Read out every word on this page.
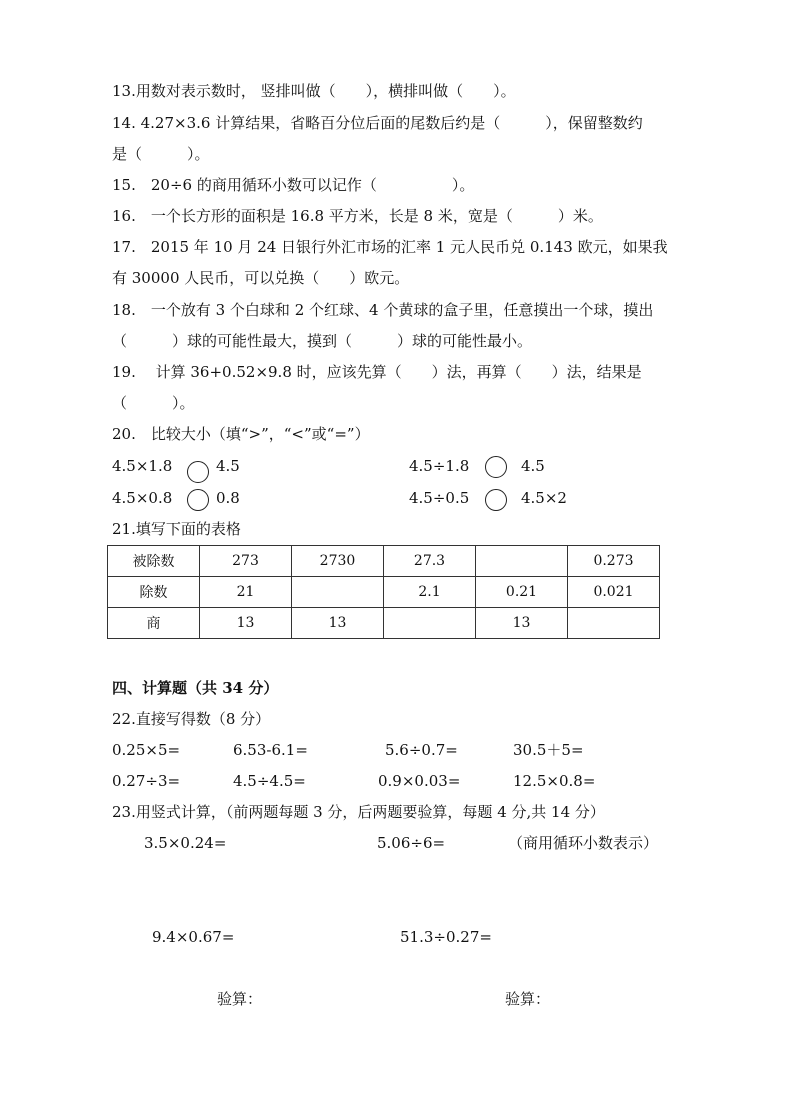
13.用数对表示数时， 竖排叫做（　　），横排叫做（　　）。
14. 4.27×3.6 计算结果，省略百分位后面的尾数后约是（　　　），保留整数约
是（　　　）。
15.　20÷6 的商用循环小数可以记作（　　　　　）。
16.　一个长方形的面积是 16.8 平方米，长是 8 米，宽是（　　　）米。
17.　2015 年 10 月 24 日银行外汇市场的汇率 1 元人民币兑 0.143 欧元，如果我
有 30000 人民币，可以兑换（　　）欧元。
18.　一个放有 3 个白球和 2 个红球、4 个黄球的盒子里，任意摸出一个球，摸出
（　　　）球的可能性最大，摸到（　　　）球的可能性最小。
19.　 计算 36+0.52×9.8 时，应该先算（　　）法，再算（　　）法，结果是
（　　　）。
20.　比较大小（填“>”，“<”或“=”）
4.5×1.8	4.5	4.5÷1.8	4.5
4.5×0.8	0.8	4.5÷0.5	4.5×2
21.填写下面的表格
被除数	273	2730	27.3		0.273
除数	21		2.1	0.21	0.021
商	13	13		13	
四、计算题（共 34 分）
22.直接写得数（8 分）
0.25×5=	6.53-6.1=	5.6÷0.7=	30.5＋5=
0.27÷3=	4.5÷4.5=	0.9×0.03=	12.5×0.8=
23.用竖式计算，（前两题每题 3 分，后两题要验算，每题 4 分,共 14 分）
3.5×0.24=	5.06÷6=	（商用循环小数表示）
9.4×0.67=	51.3÷0.27=
验算：	验算：
